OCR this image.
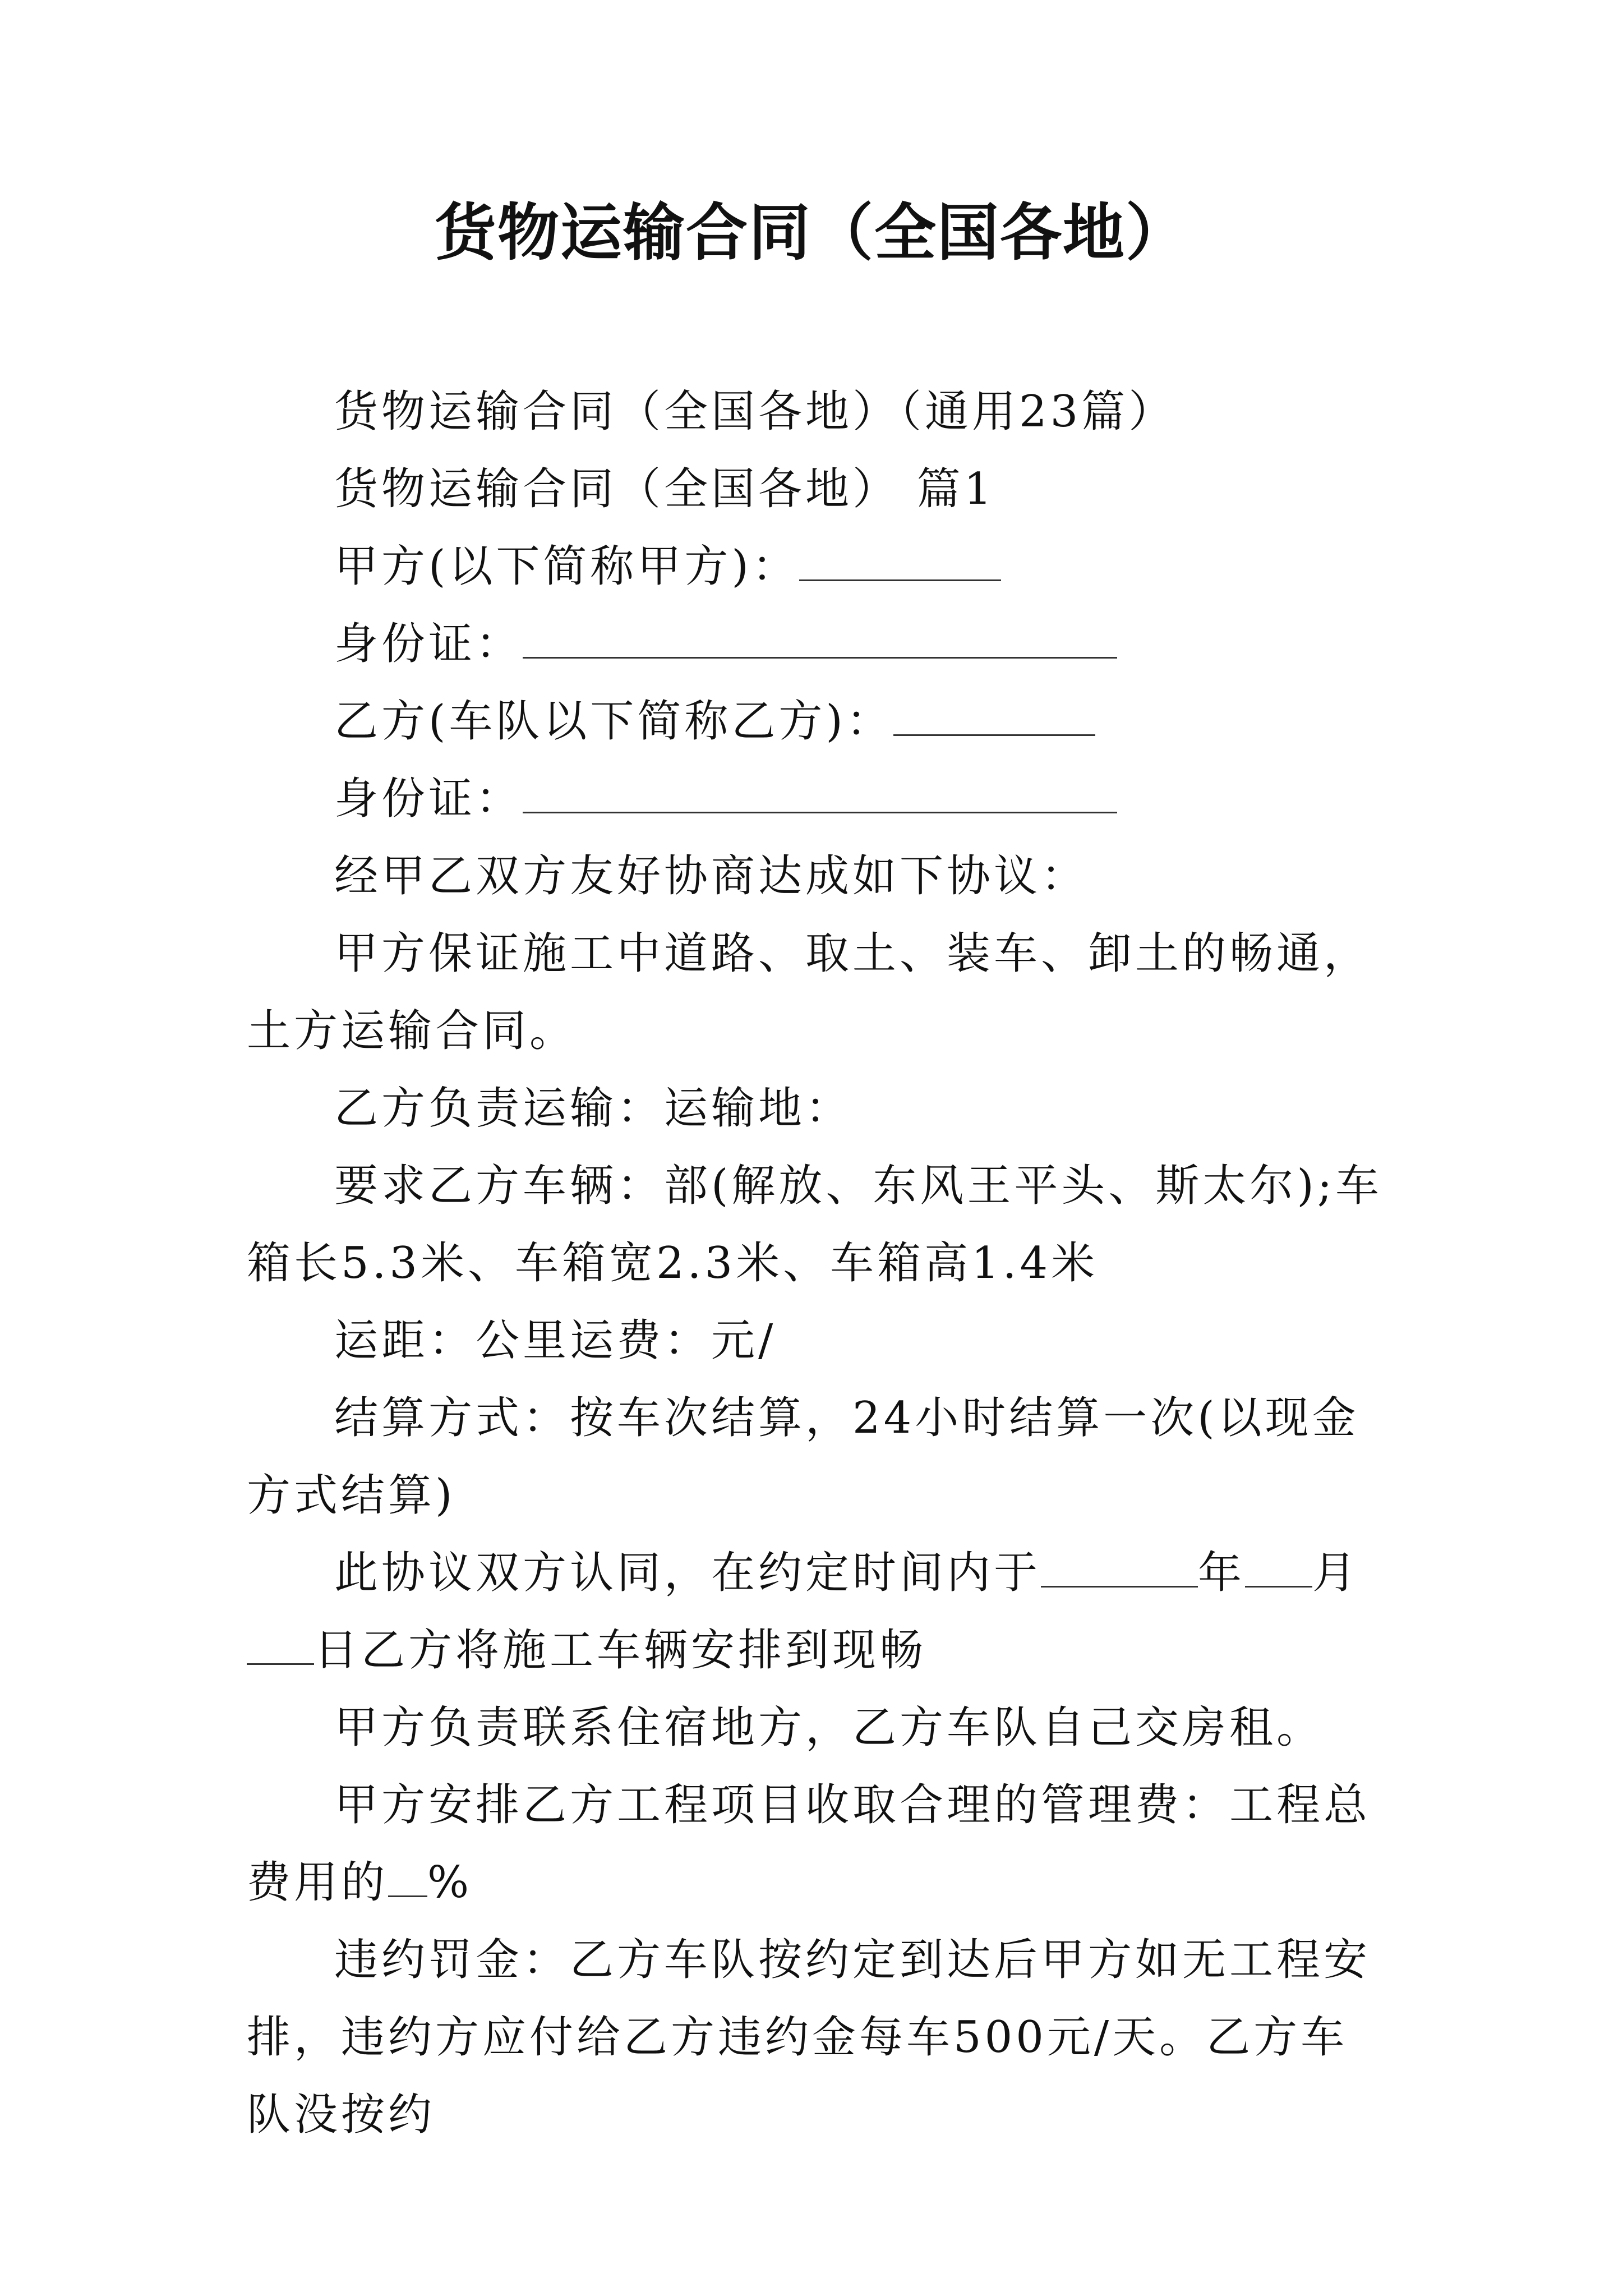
货物运输合同（全国各地）

货物运输合同（全国各地）（通用23篇）

货物运输合同（全国各地） 篇1

甲方(以下简称甲方)：

身份证：

乙方(车队以下简称乙方)：

身份证：

经甲乙双方友好协商达成如下协议：

甲方保证施工中道路、取土、装车、卸土的畅通，土方运输合同。

乙方负责运输：运输地：

要求乙方车辆：部(解放、东风王平头、斯太尔);车箱长5.3米、车箱宽2.3米、车箱高1.4米

运距：公里运费：元/

结算方式：按车次结算，24小时结算一次(以现金方式结算)

此协议双方认同，在约定时间内于	年 月日乙方将施工车辆安排到现畅

甲方负责联系住宿地方，乙方车队自己交房租。

甲方安排乙方工程项目收取合理的管理费：工程总费用的 %

违约罚金：乙方车队按约定到达后甲方如无工程安排，违约方应付给乙方违约金每车500元/天。乙方车队没按约
